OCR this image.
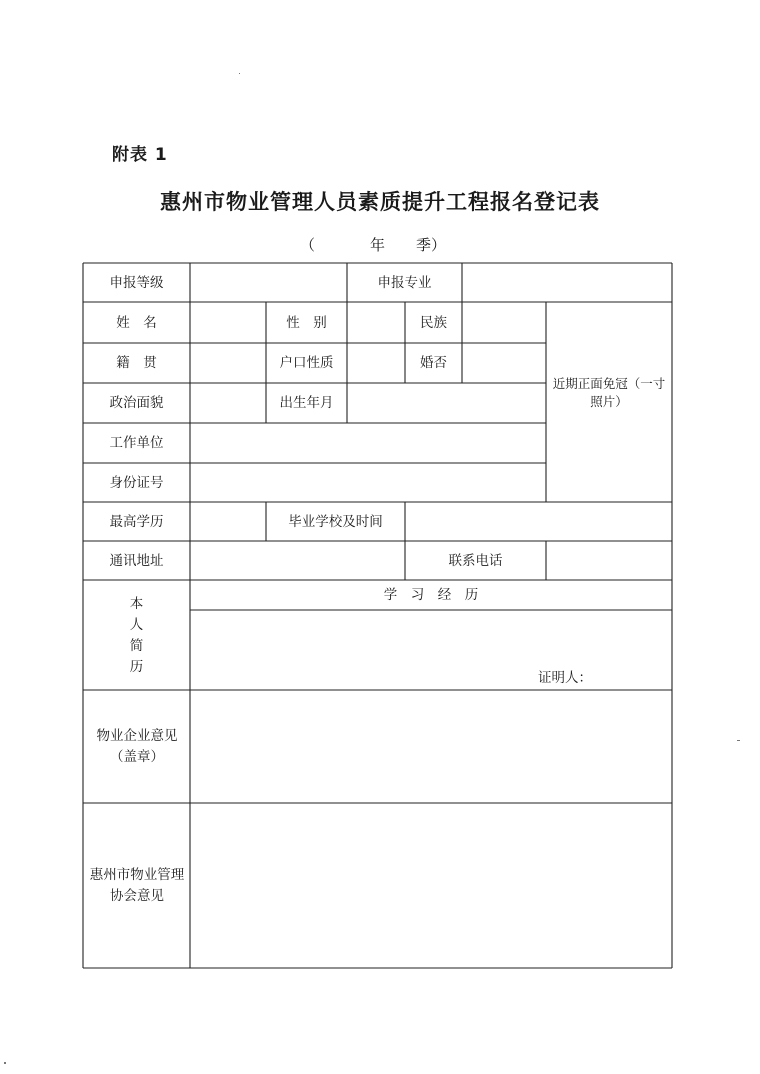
附表 1
惠州市物业管理人员素质提升工程报名登记表
（	年 季）
申报等级	申报专业
姓　名	性　别	民族
籍　贯	户口性质	婚否
近期正面免冠（一寸照片）
政治面貌	出生年月
工作单位
身份证号
最高学历	毕业学校及时间
通讯地址	联系电话
本
人
简
历
学　习　经　历
证明人：
物业企业意见（盖章）
惠州市物业管理协会意见
